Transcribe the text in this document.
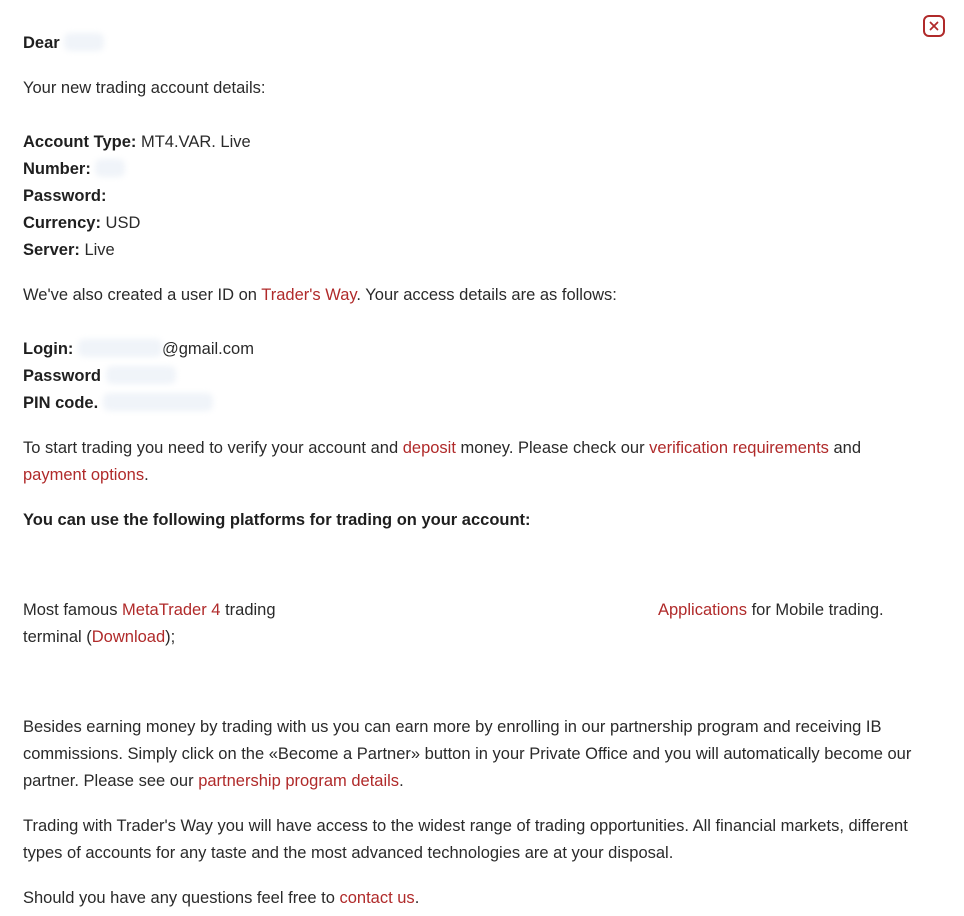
Dear

Your new trading account details:

Account Type: MT4.VAR. Live

Number:

Password:

Currency: USD

Server: Live

We've also created a user ID on Trader's Way. Your access details are as follows:

Login:	@gmail.com

Password

PIN code.

To start trading you need to verify your account and deposit money. Please check our verification requirements and
payment options.

You can use the following platforms for trading on your account:

Most famous MetaTrader 4 trading terminal (Download);

Applications for Mobile trading.

Besides earning money by trading with us you can earn more by enrolling in our partnership program and receiving IB commissions. Simply click on the «Become a Partner» button in your Private Office and you will automatically become our partner. Please see our partnership program details.

Trading with Trader's Way you will have access to the widest range of trading opportunities. All financial markets, different types of accounts for any taste and the most advanced technologies are at your disposal.

Should you have any questions feel free to contact us.
